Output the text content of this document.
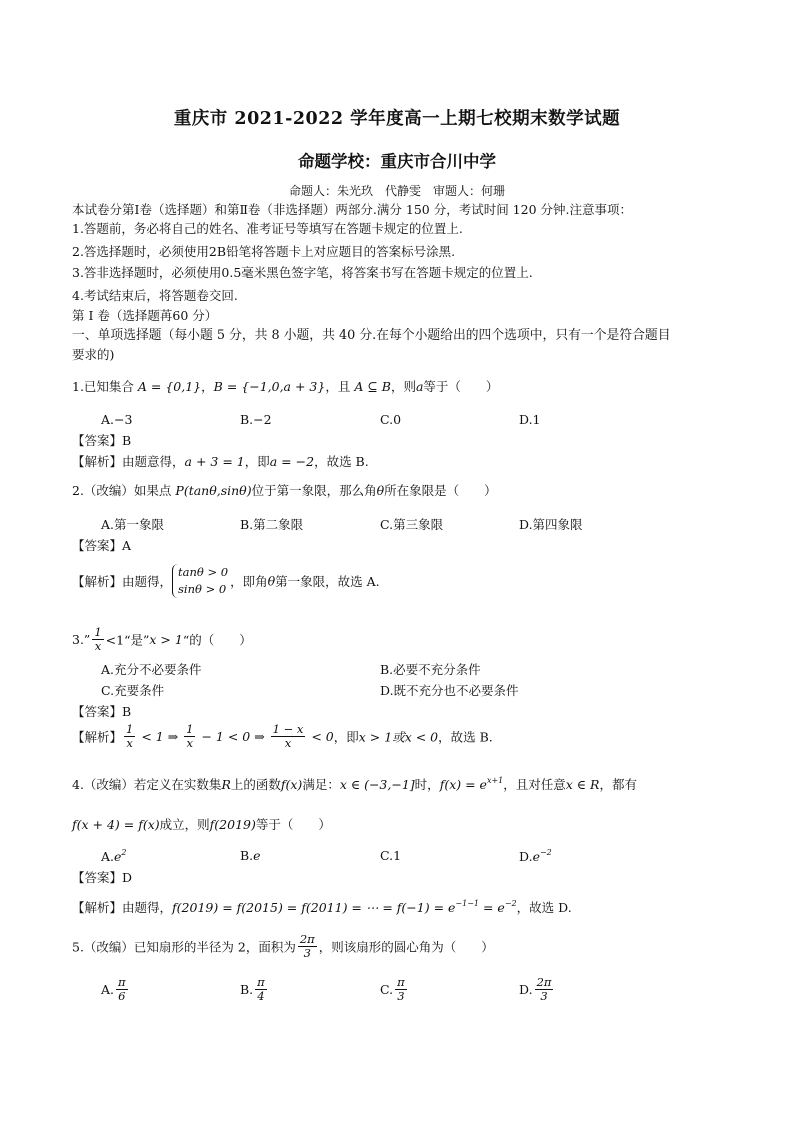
重庆市 2021-2022 学年度高一上期七校期末数学试题
命题学校：重庆市合川中学
命题人：朱光玖　代静雯　审题人：何珊
本试卷分第Ⅰ卷（选择题）和第Ⅱ卷（非选择题）两部分.满分 150 分，考试时间 120 分钟.注意事项：
1.答题前，务必将自己的姓名、准考证号等填写在答题卡规定的位置上.
2.答选择题时，必须使用2B铅笔将答题卡上对应题目的答案标号涂黑.
3.答非选择题时，必须使用0.5毫米黑色签字笔，将答案书写在答题卡规定的位置上.
4.考试结束后，将答题卷交回.
第 I 卷（选择题苒60 分）
一、单项选择题（每小题 5 分，共 8 小题，共 40 分.在每个小题给出的四个选项中，只有一个是符合题目
要求的)
1.已知集合 A = {0,1}，B = {−1,0,a + 3}，且 A ⊆ B，则a等于（　　）
A.−3	B.−2	C.0	D.1
【答案】B
【解析】由题意得，a + 3 = 1，即a = −2，故选 B.
2.（改编）如果点 P(tanθ,sinθ)位于第一象限，那么角θ所在象限是（　　）
A.第一象限	B.第二象限	C.第三象限	D.第四象限
【答案】A
【解析】由题得，
tanθ > 0
sinθ > 0 ，即角θ第一象限，故选 A.
3.” $\frac{1}{x}$ <1“是”x > 1“的（　　）
A.充分不必要条件	B.必要不充分条件
C.充要条件	D.既不充分也不必要条件
【答案】B
【解析】 $\frac{1}{x} < 1$ ⇒ $\frac{1}{x} - 1 < 0$ ⇒ $\frac{1 - x}{x} < 0$，即x > 1或x < 0，故选 B.
4.（改编）若定义在实数集R上的函数f(x)满足：x ∈ (−3,−1]时，$f(x) = e^{x+1}$，且对任意x ∈ R，都有
f(x + 4) = f(x)成立，则f(2019)等于（　　）
$A.e^2$	B.e	C.1	$D.e^{-2}$
【答案】D
【解析】由题得，f(2019) = f(2015) = f(2011) = ⋯ = $f(-1) = e^{-1-1} = e^{-2}$，故选 D.
5.（改编）已知扇形的半径为 2，面积为 $\frac{2\pi}{3}$ ，则该扇形的圆心角为（　　）
A. $\frac{\pi}{6}$	B. $\frac{\pi}{4}$	C. $\frac{\pi}{3}$	D. $\frac{2\pi}{3}$
